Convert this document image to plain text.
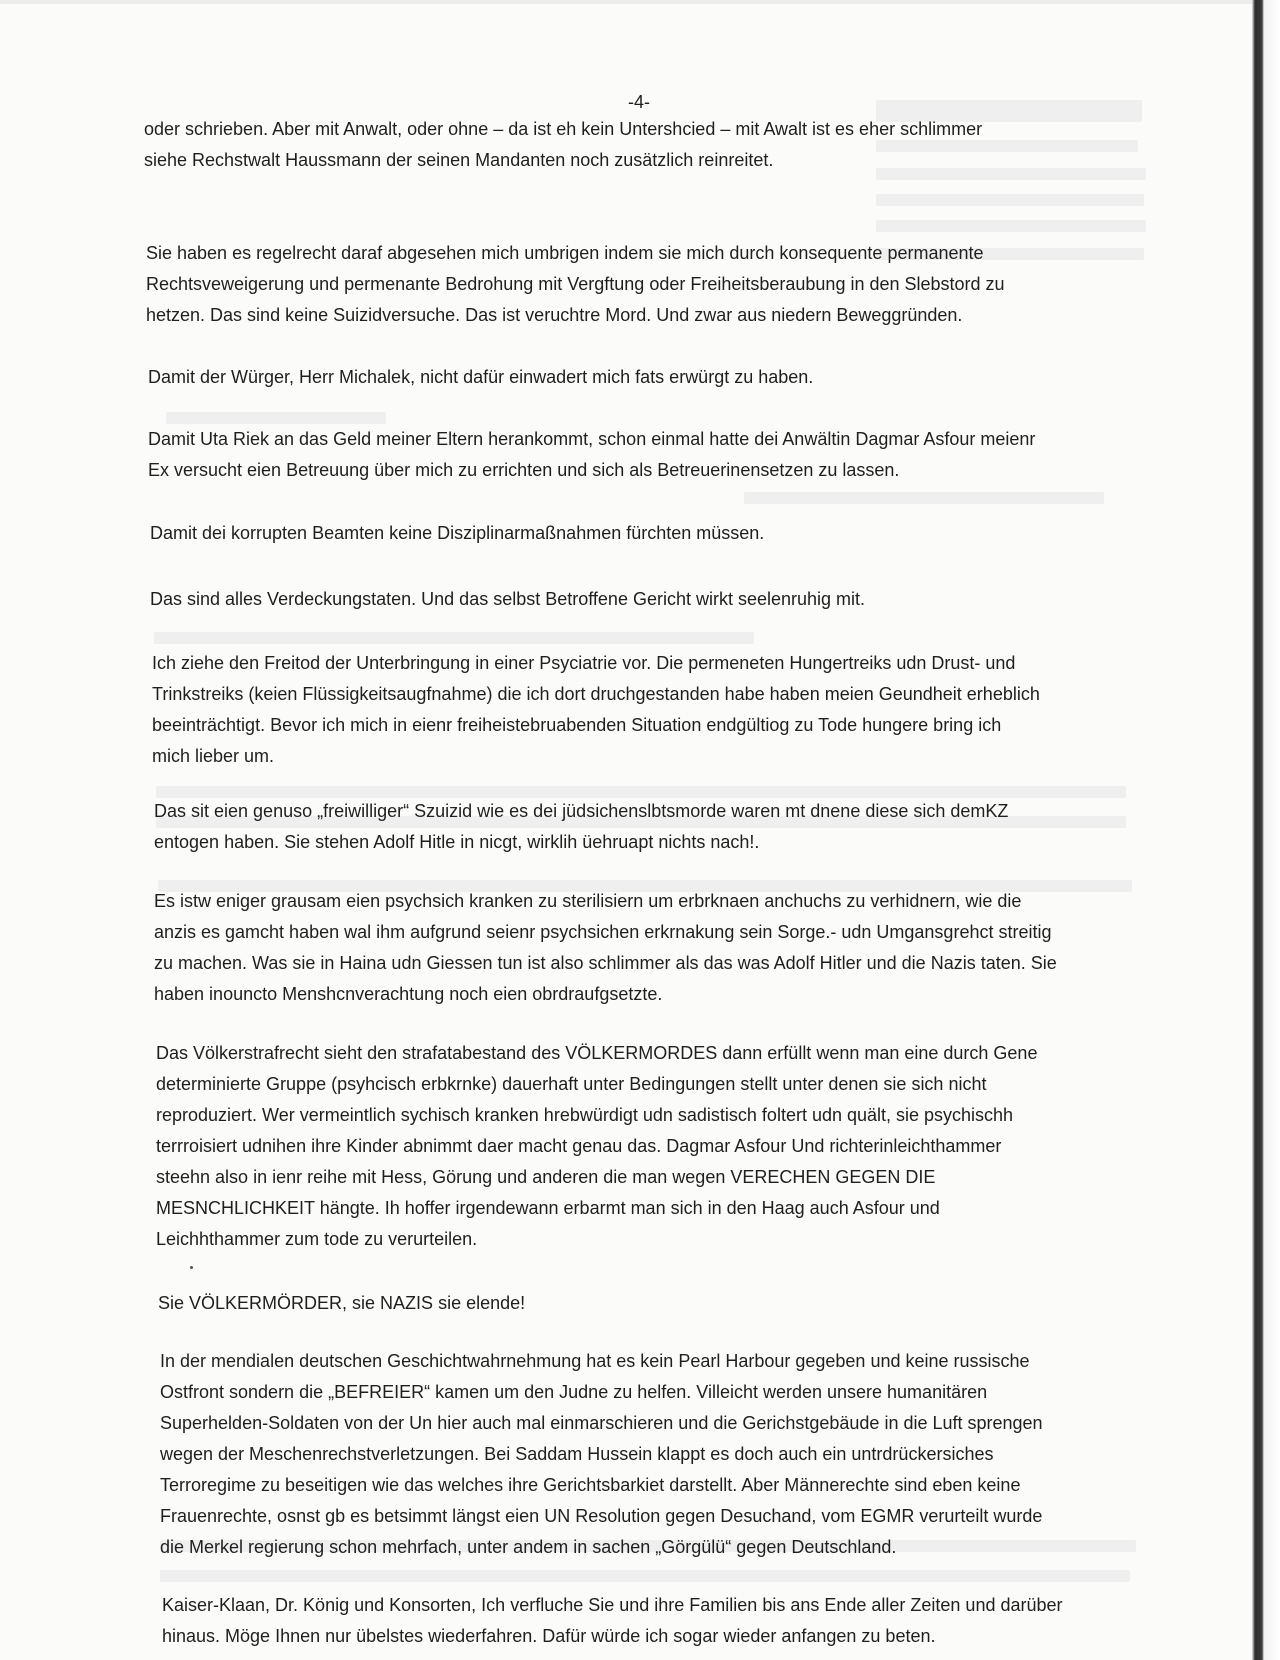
-4-
oder schrieben. Aber mit Anwalt, oder ohne – da ist eh kein Untershcied – mit Awalt ist es eher schlimmer
siehe Rechstwalt Haussmann der seinen Mandanten noch zusätzlich reinreitet.
Sie haben es regelrecht daraf abgesehen mich umbrigen indem sie mich durch konsequente permanente
Rechtsveweigerung und permenante Bedrohung mit Vergftung oder Freiheitsberaubung in den Slebstord zu
hetzen. Das sind keine Suizidversuche. Das ist veruchtre Mord. Und zwar aus niedern Beweggründen.
Damit der Würger, Herr Michalek, nicht dafür einwadert mich fats erwürgt zu haben.
Damit Uta Riek an das Geld meiner Eltern herankommt, schon einmal hatte dei Anwältin Dagmar Asfour meienr
Ex versucht eien Betreuung über mich zu errichten und sich als Betreuerinensetzen zu lassen.
Damit dei korrupten Beamten keine Disziplinarmaßnahmen fürchten müssen.
Das sind alles Verdeckungstaten. Und das selbst Betroffene Gericht wirkt seelenruhig mit.
Ich ziehe den Freitod der Unterbringung in einer Psyciatrie vor. Die permeneten Hungertreiks udn Drust- und
Trinkstreiks (keien Flüssigkeitsaugfnahme) die ich dort druchgestanden habe haben meien Geundheit erheblich
beeinträchtigt. Bevor ich mich in eienr freiheistebruabenden Situation endgültiog zu Tode hungere bring ich
mich lieber um.
Das sit eien genuso „freiwilliger“ Szuizid wie es dei jüdsichenslbtsmorde waren mt dnene diese sich demKZ
entogen haben. Sie stehen Adolf Hitle in nicgt, wirklih üehruapt nichts nach!.
Es istw eniger grausam eien psychsich kranken zu sterilisiern um erbrknaen anchuchs zu verhidnern, wie die
anzis es gamcht haben wal ihm aufgrund seienr psychsichen erkrnakung sein Sorge.- udn Umgansgrehct streitig
zu machen. Was sie in Haina udn Giessen tun ist also schlimmer als das was Adolf Hitler und die Nazis taten. Sie
haben inouncto Menshcnverachtung noch eien obrdraufgsetzte.
Das Völkerstrafrecht sieht den strafatabestand des VÖLKERMORDES dann erfüllt wenn man eine durch Gene
determinierte Gruppe (psyhcisch erbkrnke) dauerhaft unter Bedingungen stellt unter denen sie sich nicht
reproduziert. Wer vermeintlich sychisch kranken hrebwürdigt udn sadistisch foltert udn quält, sie psychischh
terrroisiert udnihen ihre Kinder abnimmt daer macht genau das. Dagmar Asfour Und richterinleichthammer
steehn also in ienr reihe mit Hess, Görung und anderen die man wegen VERECHEN GEGEN DIE
MESNCHLICHKEIT hängte. Ih hoffer irgendewann erbarmt man sich in den Haag auch Asfour und
Leichhthammer zum tode zu verurteilen.
Sie VÖLKERMÖRDER, sie NAZIS sie elende!
In der mendialen deutschen Geschichtwahrnehmung hat es kein Pearl Harbour gegeben und keine russische
Ostfront sondern die „BEFREIER“ kamen um den Judne zu helfen. Villeicht werden unsere humanitären
Superhelden-Soldaten von der Un hier auch mal einmarschieren und die Gerichstgebäude in die Luft sprengen
wegen der Meschenrechstverletzungen. Bei Saddam Hussein klappt es doch auch ein untrdrückersiches
Terroregime zu beseitigen wie das welches ihre Gerichtsbarkiet darstellt. Aber Männerechte sind eben keine
Frauenrechte, osnst gb es betsimmt längst eien UN Resolution gegen Desuchand, vom EGMR verurteilt wurde
die Merkel regierung schon mehrfach, unter andem in sachen „Görgülü“ gegen Deutschland.
Kaiser-Klaan, Dr. König und Konsorten, Ich verfluche Sie und ihre Familien bis ans Ende aller Zeiten und darüber
hinaus. Möge Ihnen nur übelstes wiederfahren. Dafür würde ich sogar wieder anfangen zu beten.
